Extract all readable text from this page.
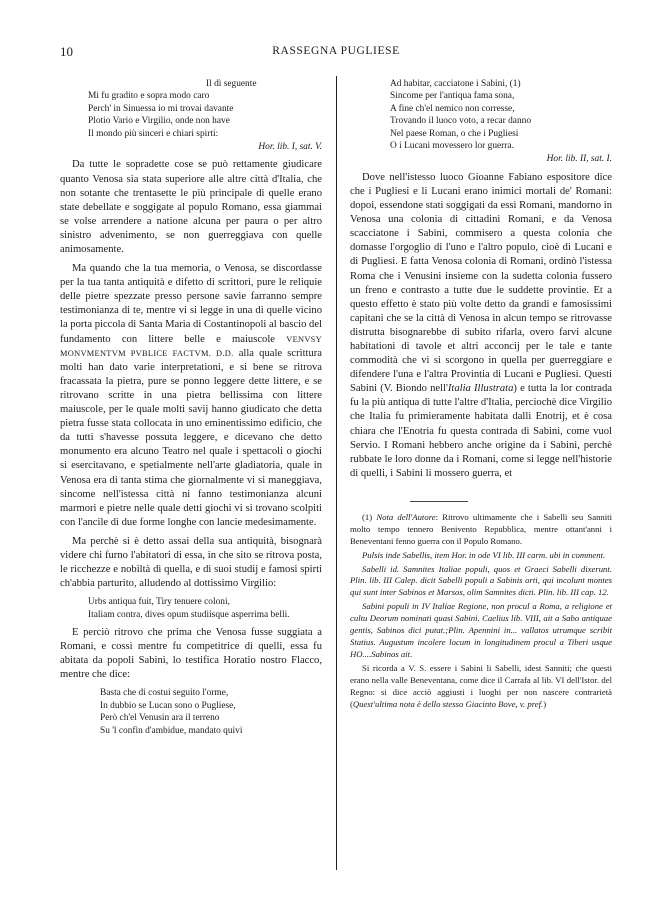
10	RASSEGNA PUGLIESE
Il dì seguente
Mi fu gradito e sopra modo caro
Perch' in Sinuessa io mi trovai davante
Plotio Vario e Virgilio, onde non have
Il mondo più sinceri e chiari spirti:
Hor. lib. I, sat. V.

Da tutte le sopradette cose se può rettamente giudicare quanto Venosa sia stata superiore alle altre città d'Italia, che non sotante che trentasette le più principale di quelle erano state debellate e soggigate al populo Romano, essa giammai se volse arrendere a natione alcuna per paura o per altro sinistro advenimento, se non guerreggiava con quelle animosamente.

Ma quando che la tua memoria, o Venosa, se discordasse per la tua tanta antiquità e difetto di scrittori, pure le reliquie delle pietre spezzate presso persone savie farranno sempre testimonianza di te, mentre vi si legge in una di quelle vicino la porta piccola di Santa Maria di Costantinopoli al bascio del fundamento con littere belle e maiuscole VENVSY MONVMENTVM PVBLICE FACTVM. D.D. alla quale scrittura molti han dato varie interpretationi, e si bene se ritrova fracassata la pietra, pure se ponno leggere dette littere, e se ritrovano scritte in una pietra bellissima con littere maiuscole, per le quale molti savij hanno giudicato che detta pietra fusse stata collocata in uno eminentissimo edificio, che da tutti s'havesse possuta leggere, e dicevano che detto monumento era alcuno Teatro nel quale i spettacoli o giochi si esercitavano, e spetialmente nell'arte gladiatoria, quale in Venosa era di tanta stima che giornalmente vi si maneggiava, sincome nell'istessa città ni fanno testimonianza alcuni marmori e pietre nelle quale detti giochi vi si trovano scolpiti con l'ancile di due forme longhe con lancie medesimamente.

Ma perchè si è detto assai della sua antiquità, bisognarà videre chi furno l'abitatori di essa, in che sito se ritrova posta, le ricchezze e nobiltà di quella, e di suoi studij e famosi spirti ch'abbia parturito, alludendo al dottissimo Virgilio:

Urbs antiqua fuit, Tiry tenuere coloni,
Italiam contra, dives opum studiisque asperrima belli.

E perciò ritrovo che prima che Venosa fusse suggiata a Romani, e cossì mentre fu competitrice di quelli, essa fu abitata da popoli Sabini, lo testifica Horatio nostro Flacco, mentre che dice:

Basta che di costui seguito l'orme,
In dubbio se Lucan sono o Pugliese,
Però ch'el Venusin ara il terreno
Su 'l confin d'ambidue, mandato quivi
Ad habitar, cacciatone i Sabini, (1)
Sincome per l'antiqua fama sona,
A fine ch'el nemico non corresse,
Trovando il luoco voto, a recar danno
Nel paese Roman, o che i Pugliesi
O i Lucani movessero lor guerra.
Hor. lib. II, sat. I.

Dove nell'istesso luoco Gioanne Fabiano espositore dice che i Pugliesi e li Lucani erano inimici mortali de' Romani: dopoi, essendone stati soggigati da essi Romani, mandorno in Venosa una colonia di cittadini Romani, e da Venosa scacciatone i Sabini, commisero a questa colonia che domasse l'orgoglio di l'uno e l'altro populo, cioè di Lucani e di Pugliesi. E fatta Venosa colonia di Romani, ordinò l'istessa Roma che i Venusini insieme con la sudetta colonia fussero un freno e contrasto a tutte due le suddette provintie. Et a questo effetto è stato più volte detto da grandi e famosissimi capitani che se la città di Venosa in alcun tempo se ritrovasse distrutta bisognarebbe di subito rifarla, overo farvi alcune habitationi di tavole et altri acconcij per le tale e tante commodità che vi si scorgono in quella per guerreggiare e difendere l'una e l'altra Provintia di Lucani e Pugliesi. Questi Sabini (V. Biondo nell'Italia Illustrata) e tutta la lor contrada fu la più antiqua di tutte l'altre d'Italia, perciochè dice Virgilio che Italia fu primieramente habitata dalli Enotrij, et è cosa chiara che l'Enotria fu questa contrada di Sabini, come vuol Servio. I Romani hebbero anche origine da i Sabini, perchè rubbate le loro donne da i Romani, come si legge nell'historie di quelli, i Sabini li mossero guerra, et

(1) Nota dell'Autore: Ritrovo ultimamente che i Sabelli seu Sanniti molto tempo tennero Benivento Repubblica, mentre ottant'anni i Beneventani fenno guerra con il Populo Romano.

Pulsis inde Sabellis, item Hor. in ode VI lib. III carm. ubi in comment.

Sabelli id. Samnites Italiae populi, quos et Graeci Sabelli dixerunt. Plin. lib. III Calep. dicit Sabelli populi a Sabinis orti, qui incolunt montes qui sunt inter Sabinos et Marsos, olim Samnites dicti. Plin. lib. III cap. 12.

Sabini populi in IV Italiae Regione, non procul a Roma, a religione et cultu Deorum nominati quasi Sabini. Caelius lib. VIII, ait a Sabo antiquae gentis, Sabinos dici putat.;Plin. Apennini in... vallatos utrumque scribit Statius. Augustum incolere locum in longitudinem procul a Tiberi usque HO....Sabinos ait.

Si ricorda a V. S. essere i Sabini li Sabelli, idest Sanniti; che questi erano nella valle Beneventana, come dice il Carrafa al lib. VI dell'Istor. del Regno: si dice acciò aggiusti i luoghi per non nascere contrarietà (Quest'ultima nota è dello stesso Giacinto Bove, v. pref.)
